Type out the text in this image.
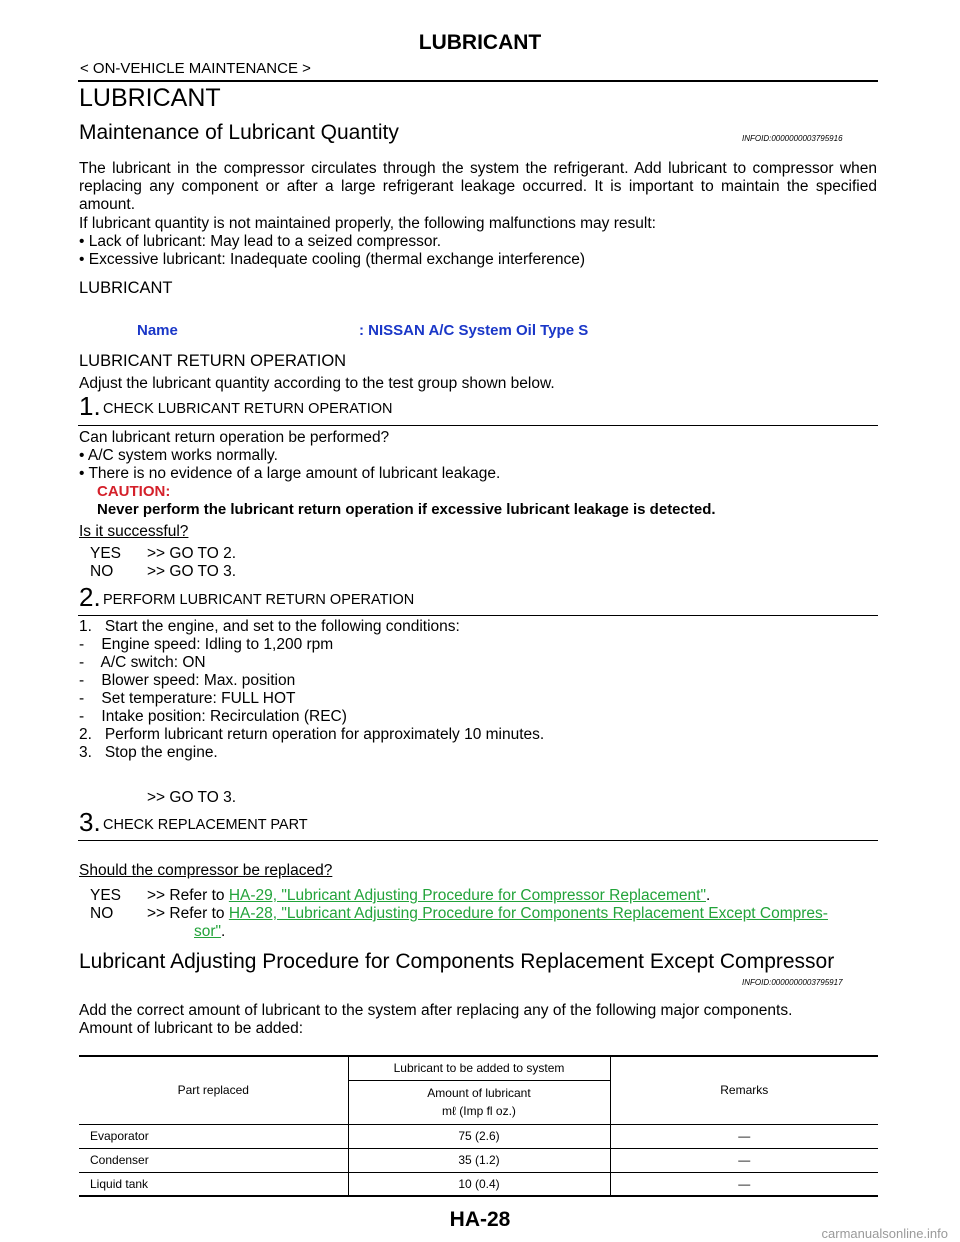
LUBRICANT
< ON-VEHICLE MAINTENANCE >
LUBRICANT
Maintenance of Lubricant Quantity	INFOID:0000000003795916
The lubricant in the compressor circulates through the system the refrigerant. Add lubricant to compressor when replacing any component or after a large refrigerant leakage occurred. It is important to maintain the specified amount.
If lubricant quantity is not maintained properly, the following malfunctions may result:
• Lack of lubricant: May lead to a seized compressor.
• Excessive lubricant: Inadequate cooling (thermal exchange interference)
LUBRICANT
Name	: NISSAN A/C System Oil Type S
LUBRICANT RETURN OPERATION
Adjust the lubricant quantity according to the test group shown below.
1. CHECK LUBRICANT RETURN OPERATION
Can lubricant return operation be performed?
• A/C system works normally.
• There is no evidence of a large amount of lubricant leakage.
CAUTION:
Never perform the lubricant return operation if excessive lubricant leakage is detected.
Is it successful?
YES >> GO TO 2.
NO >> GO TO 3.
2. PERFORM LUBRICANT RETURN OPERATION
1.   Start the engine, and set to the following conditions:
-    Engine speed: Idling to 1,200 rpm
-    A/C switch: ON
-    Blower speed: Max. position
-    Set temperature: FULL HOT
-    Intake position: Recirculation (REC)
2.   Perform lubricant return operation for approximately 10 minutes.
3.   Stop the engine.
>> GO TO 3.
3. CHECK REPLACEMENT PART
Should the compressor be replaced?
YES >> Refer to HA-29, "Lubricant Adjusting Procedure for Compressor Replacement".
NO >> Refer to HA-28, "Lubricant Adjusting Procedure for Components Replacement Except Compres-
sor".
Lubricant Adjusting Procedure for Components Replacement Except Compressor
INFOID:0000000003795917
Add the correct amount of lubricant to the system after replacing any of the following major components.
Amount of lubricant to be added:
Part replaced	Lubricant to be added to system	Remarks

	Amount of lubricant
mℓ (Imp fl oz.)	

Evaporator	75 (2.6)	—
Condenser	35 (1.2)	—
Liquid tank	10 (0.4)	—
HA-28
carmanualsonline.info
